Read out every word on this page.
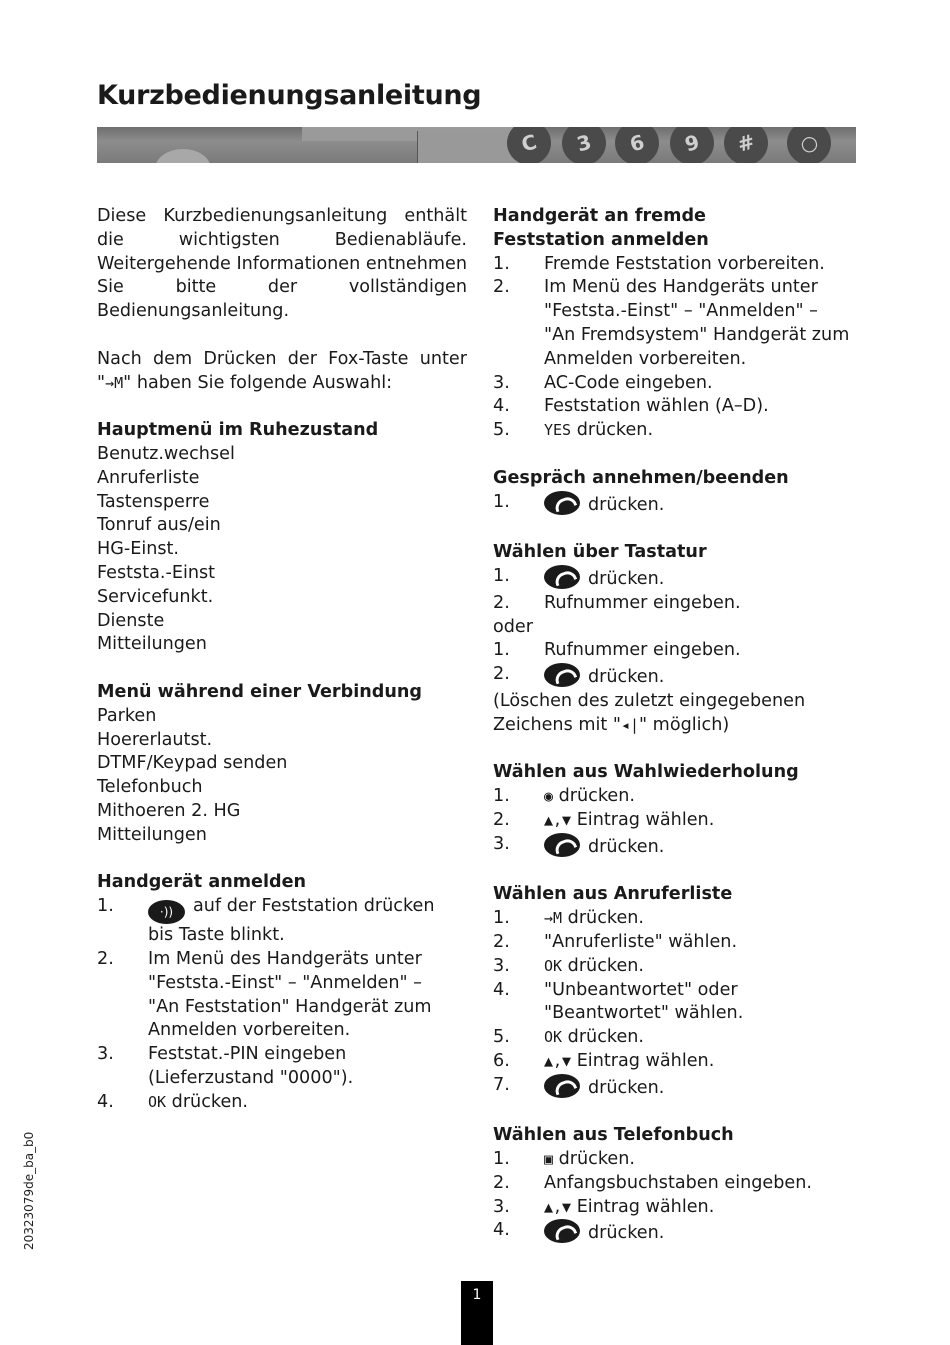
Kurzbedienungsanleitung
C	3	6	9	#	○

Diese Kurzbedienungsanleitung enthält die wichtigsten Bedienabläufe. Weitergehende Informationen entnehmen Sie bitte der vollständigen Bedienungsanleitung.

Nach dem Drücken der Fox-Taste unter

"→M" haben Sie folgende Auswahl:

Hauptmenü im Ruhezustand

Benutz.wechsel

Anruferliste

Tastensperre

Tonruf aus/ein

HG-Einst.

Feststa.-Einst

Servicefunkt.

Dienste

Mitteilungen

Menü während einer Verbindung

Parken

Hoererlautst.

DTMF/Keypad senden

Telefonbuch

Mithoeren 2. HG

Mitteilungen

Handgerät anmelden

1.	·)) auf der Feststation drücken
bis Taste blinkt.
2.	Im Menü des Handgeräts unter
"Feststa.-Einst" – "Anmelden" –
"An Feststation" Handgerät zum
Anmelden vorbereiten.
3.	Feststat.-PIN eingeben
(Lieferzustand "0000").
4.	OK drücken.

Handgerät an fremde Feststation anmelden

1.	Fremde Feststation vorbereiten.
2.	Im Menü des Handgeräts unter
"Feststa.-Einst" – "Anmelden" –
"An Fremdsystem" Handgerät zum
Anmelden vorbereiten.
3.	AC-Code eingeben.
4.	Feststation wählen (A–D).
5.	YES drücken.

Gespräch annehmen/beenden

1.	drücken.

Wählen über Tastatur

1.	drücken.
2.	Rufnummer eingeben.

oder

1.	Rufnummer eingeben.
2.	drücken.

(Löschen des zuletzt eingegebenen

Zeichens mit "◂|" möglich)

Wählen aus Wahlwiederholung

1.	◉ drücken.
2.	▲,▼ Eintrag wählen.
3.	drücken.

Wählen aus Anruferliste

1.	→M drücken.
2.	"Anruferliste" wählen.
3.	OK drücken.
4.	"Unbeantwortet" oder
"Beantwortet" wählen.
5.	OK drücken.
6.	▲,▼ Eintrag wählen.
7.	drücken.

Wählen aus Telefonbuch

1.	▣ drücken.
2.	Anfangsbuchstaben eingeben.
3.	▲,▼ Eintrag wählen.
4.	drücken.
20323079de_ba_b0
1
